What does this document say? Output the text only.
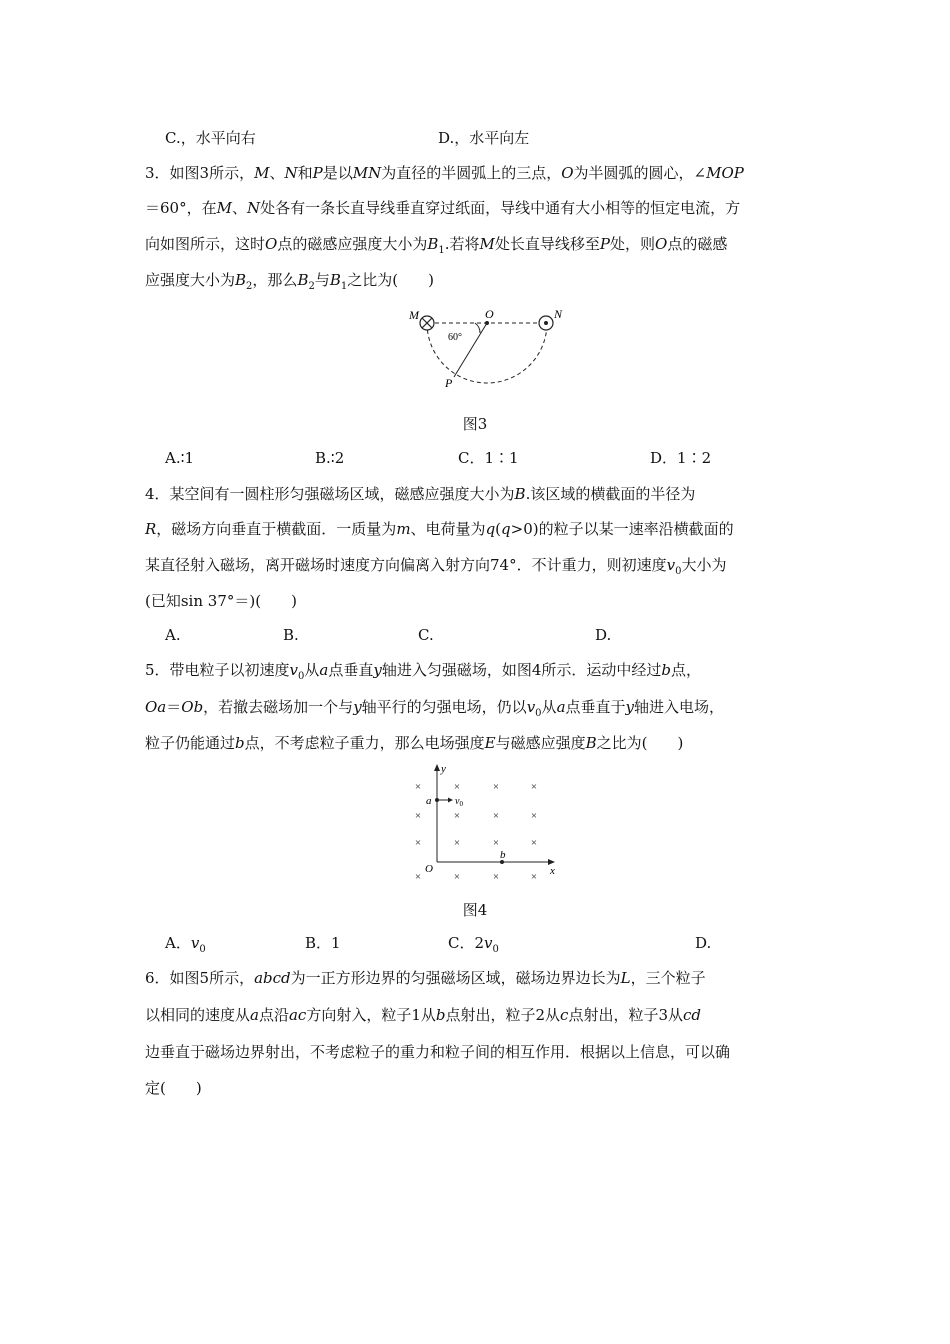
C.，水平向右	D.，水平向左
3．如图3所示，M、N和P是以MN为直径的半圆弧上的三点，O为半圆弧的圆心，∠MOP
＝60°，在M、N处各有一条长直导线垂直穿过纸面，导线中通有大小相等的恒定电流，方
向如图所示，这时O点的磁感应强度大小为$B_1$.若将M处长直导线移至P处，则O点的磁感
应强度大小为$B_2$，那么$B_2$与$B_1$之比为(　　)
M	O	N
P
60°
图3
A.∶1	B.∶2	C．1∶1	D．1∶2
4．某空间有一圆柱形匀强磁场区域，磁感应强度大小为B.该区域的横截面的半径为
R，磁场方向垂直于横截面．一质量为m、电荷量为q(q>0)的粒子以某一速率沿横截面的
某直径射入磁场，离开磁场时速度方向偏离入射方向74°．不计重力，则初速度$v_0$大小为
(已知sin 37°＝)(　　)
A.	B.	C.	D.
5．带电粒子以初速度$v_0$从a点垂直y轴进入匀强磁场，如图4所示．运动中经过b点，
Oa＝Ob，若撤去磁场加一个与y轴平行的匀强电场，仍以$v_0$从a点垂直于y轴进入电场，
粒子仍能通过b点，不考虑粒子重力，那么电场强度E与磁感应强度B之比为(　　)
×	×	×	×
×	×	×	×
×	×	×	×
×	×	×	×
y
x
O
a
b
$v_0$
图4
A．$v_0$	B．1	C．$2v_0$	D.
6．如图5所示，abcd为一正方形边界的匀强磁场区域，磁场边界边长为L，三个粒子
以相同的速度从a点沿ac方向射入，粒子1从b点射出，粒子2从c点射出，粒子3从cd
边垂直于磁场边界射出，不考虑粒子的重力和粒子间的相互作用．根据以上信息，可以确
定(　　)
